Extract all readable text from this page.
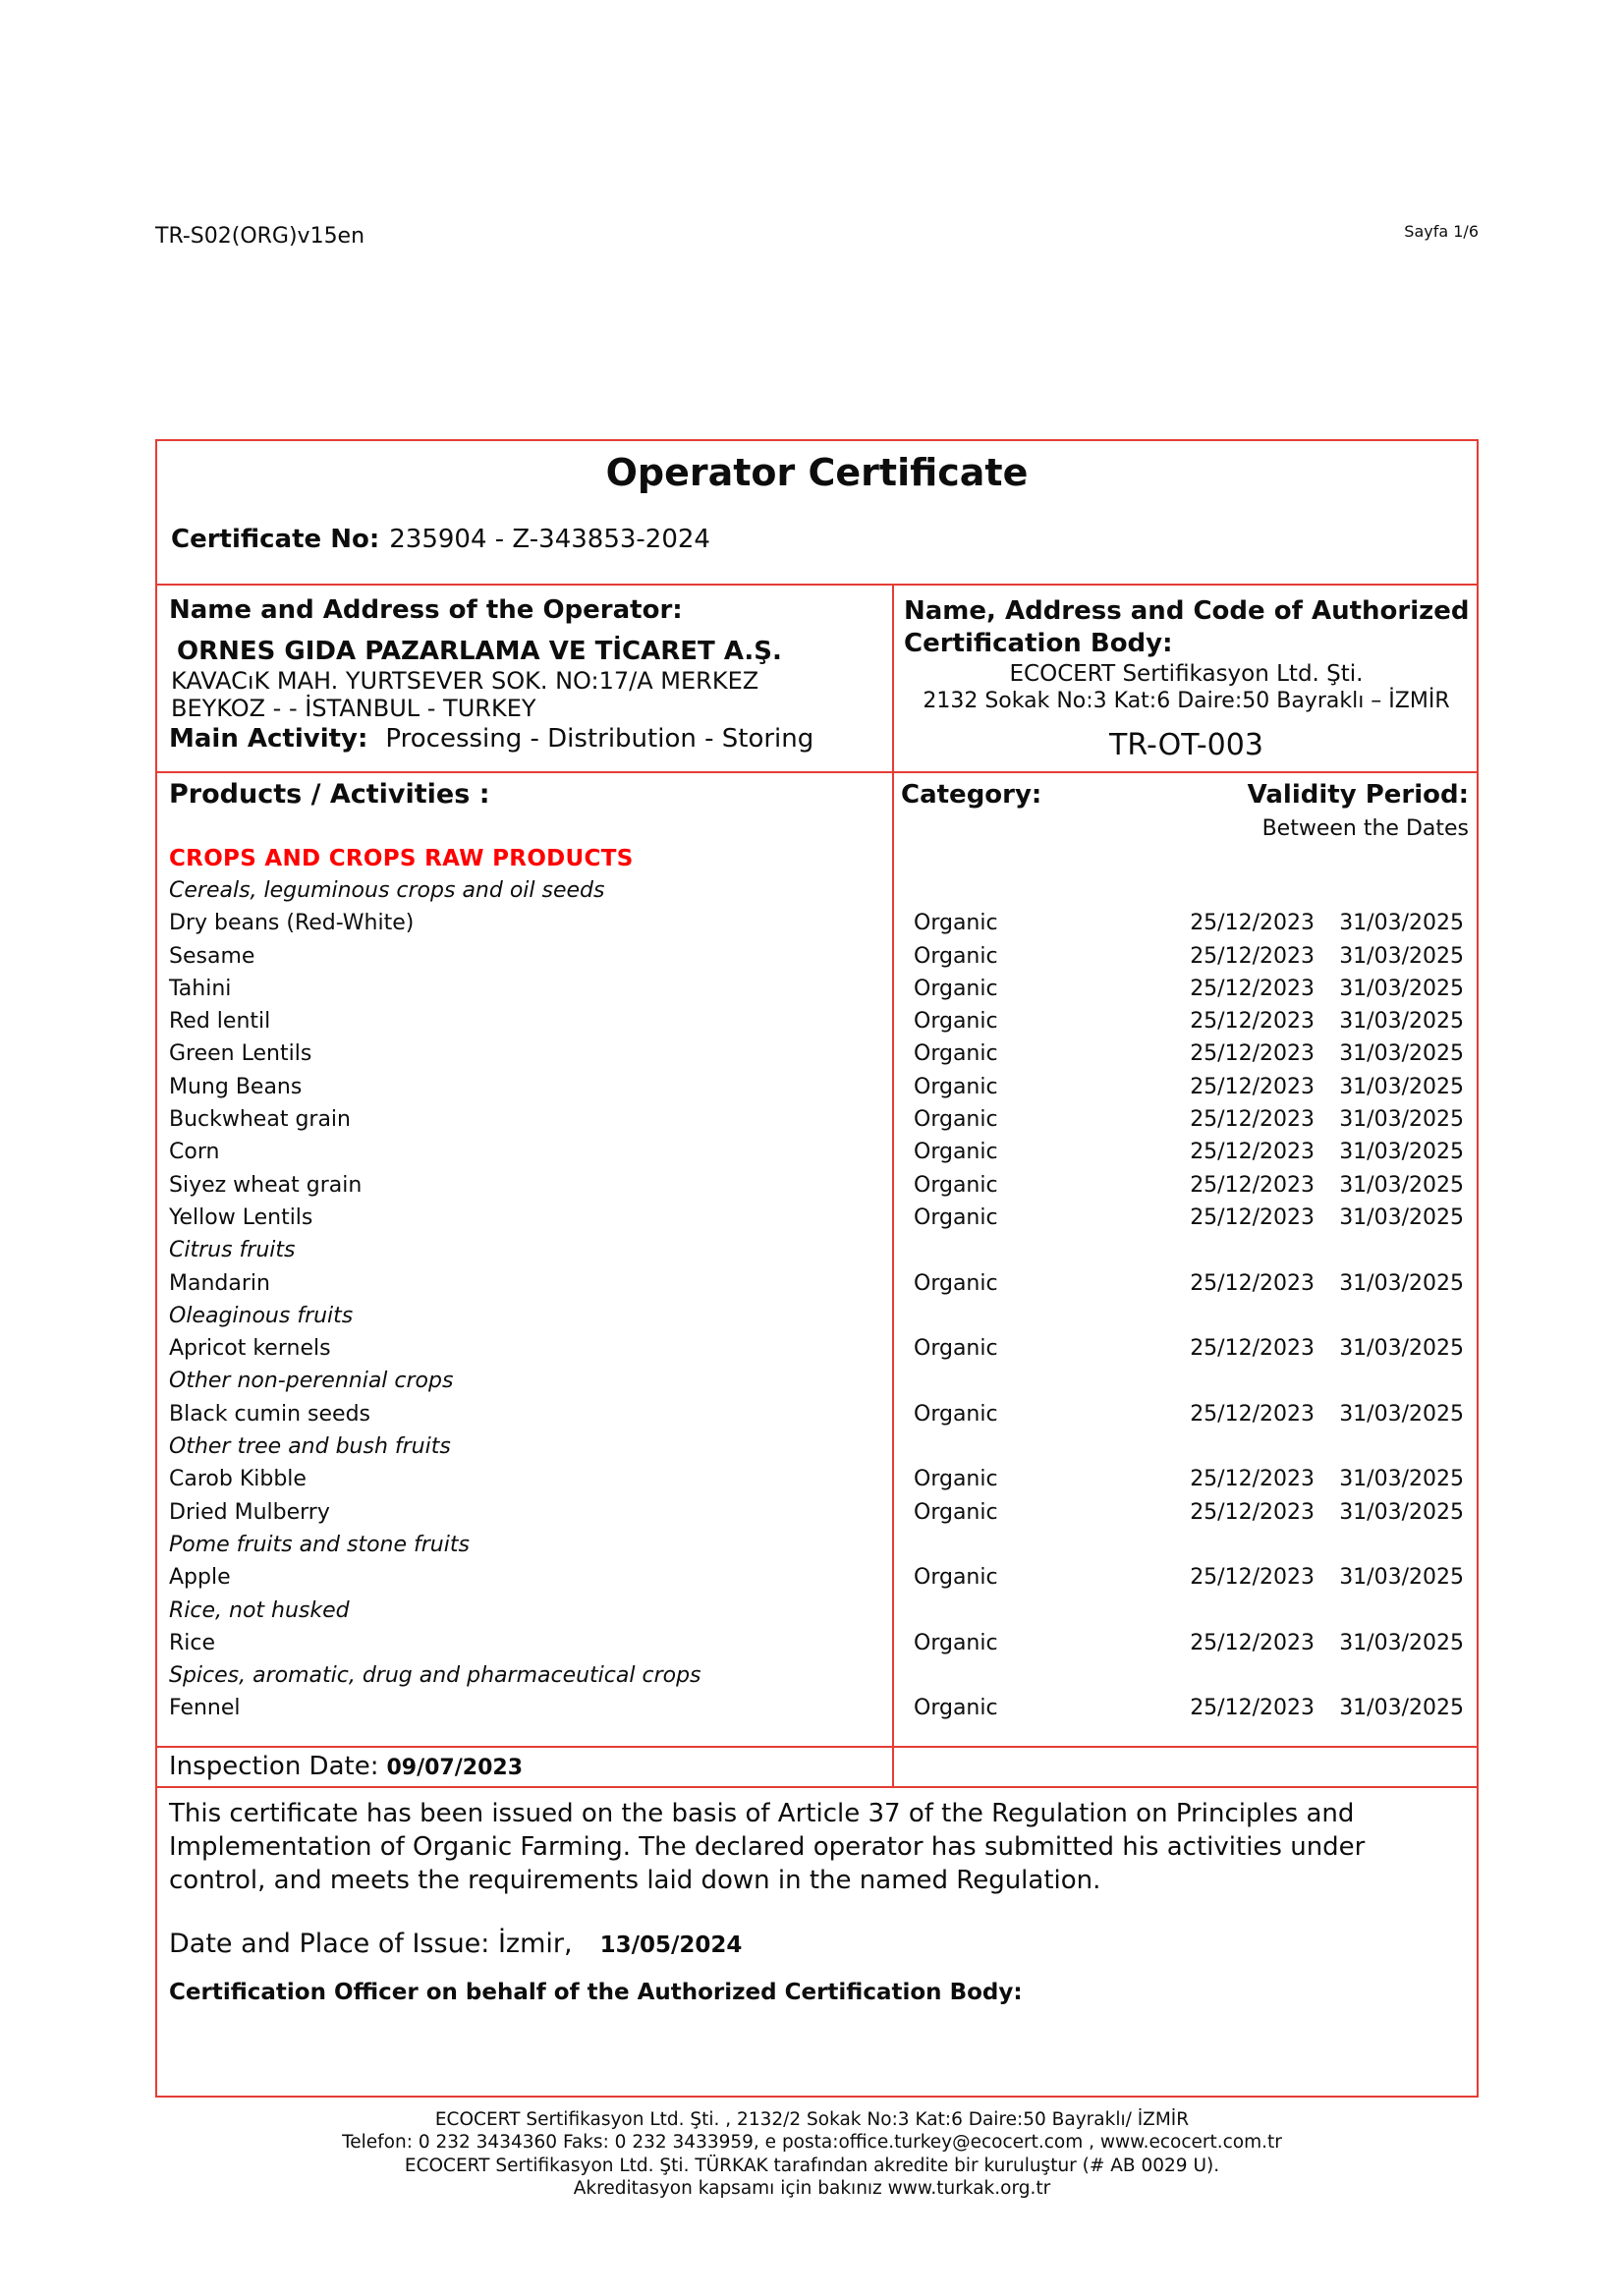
TR-S02(ORG)v15en	Sayfa 1/6
Operator Certificate
Certificate No: 235904 - Z-343853-2024
Name and Address of the Operator:
ORNES GIDA PAZARLAMA VE TİCARET A.Ş.
KAVACıK MAH. YURTSEVER SOK. NO:17/A MERKEZ
BEYKOZ - - İSTANBUL - TURKEY
Main Activity: Processing - Distribution - Storing
Name, Address and Code of Authorized Certification Body:
ECOCERT Sertifikasyon Ltd. Şti.
2132 Sokak No:3 Kat:6 Daire:50 Bayraklı – İZMİR
TR-OT-003
Products / Activities :	Category:	Validity Period:
Between the Dates
CROPS AND CROPS RAW PRODUCTS
Cereals, leguminous crops and oil seeds
Dry beans (Red-White)	Organic	25/12/2023	31/03/2025
Sesame	Organic	25/12/2023	31/03/2025
Tahini	Organic	25/12/2023	31/03/2025
Red lentil	Organic	25/12/2023	31/03/2025
Green Lentils	Organic	25/12/2023	31/03/2025
Mung Beans	Organic	25/12/2023	31/03/2025
Buckwheat grain	Organic	25/12/2023	31/03/2025
Corn	Organic	25/12/2023	31/03/2025
Siyez wheat grain	Organic	25/12/2023	31/03/2025
Yellow Lentils	Organic	25/12/2023	31/03/2025
Citrus fruits
Mandarin	Organic	25/12/2023	31/03/2025
Oleaginous fruits
Apricot kernels	Organic	25/12/2023	31/03/2025
Other non-perennial crops
Black cumin seeds	Organic	25/12/2023	31/03/2025
Other tree and bush fruits
Carob Kibble	Organic	25/12/2023	31/03/2025
Dried Mulberry	Organic	25/12/2023	31/03/2025
Pome fruits and stone fruits
Apple	Organic	25/12/2023	31/03/2025
Rice, not husked
Rice	Organic	25/12/2023	31/03/2025
Spices, aromatic, drug and pharmaceutical crops
Fennel	Organic	25/12/2023	31/03/2025
Inspection Date: 09/07/2023
This certificate has been issued on the basis of Article 37 of the Regulation on Principles and Implementation of Organic Farming. The declared operator has submitted his activities under control, and meets the requirements laid down in the named Regulation.
Date and Place of Issue: İzmir, 13/05/2024
Certification Officer on behalf of the Authorized Certification Body:
ECOCERT Sertifikasyon Ltd. Şti. , 2132/2 Sokak No:3 Kat:6 Daire:50 Bayraklı/ İZMİR
Telefon: 0 232 3434360 Faks: 0 232 3433959, e posta:office.turkey@ecocert.com , www.ecocert.com.tr
ECOCERT Sertifikasyon Ltd. Şti. TÜRKAK tarafından akredite bir kuruluştur (# AB 0029 U).
Akreditasyon kapsamı için bakınız www.turkak.org.tr
